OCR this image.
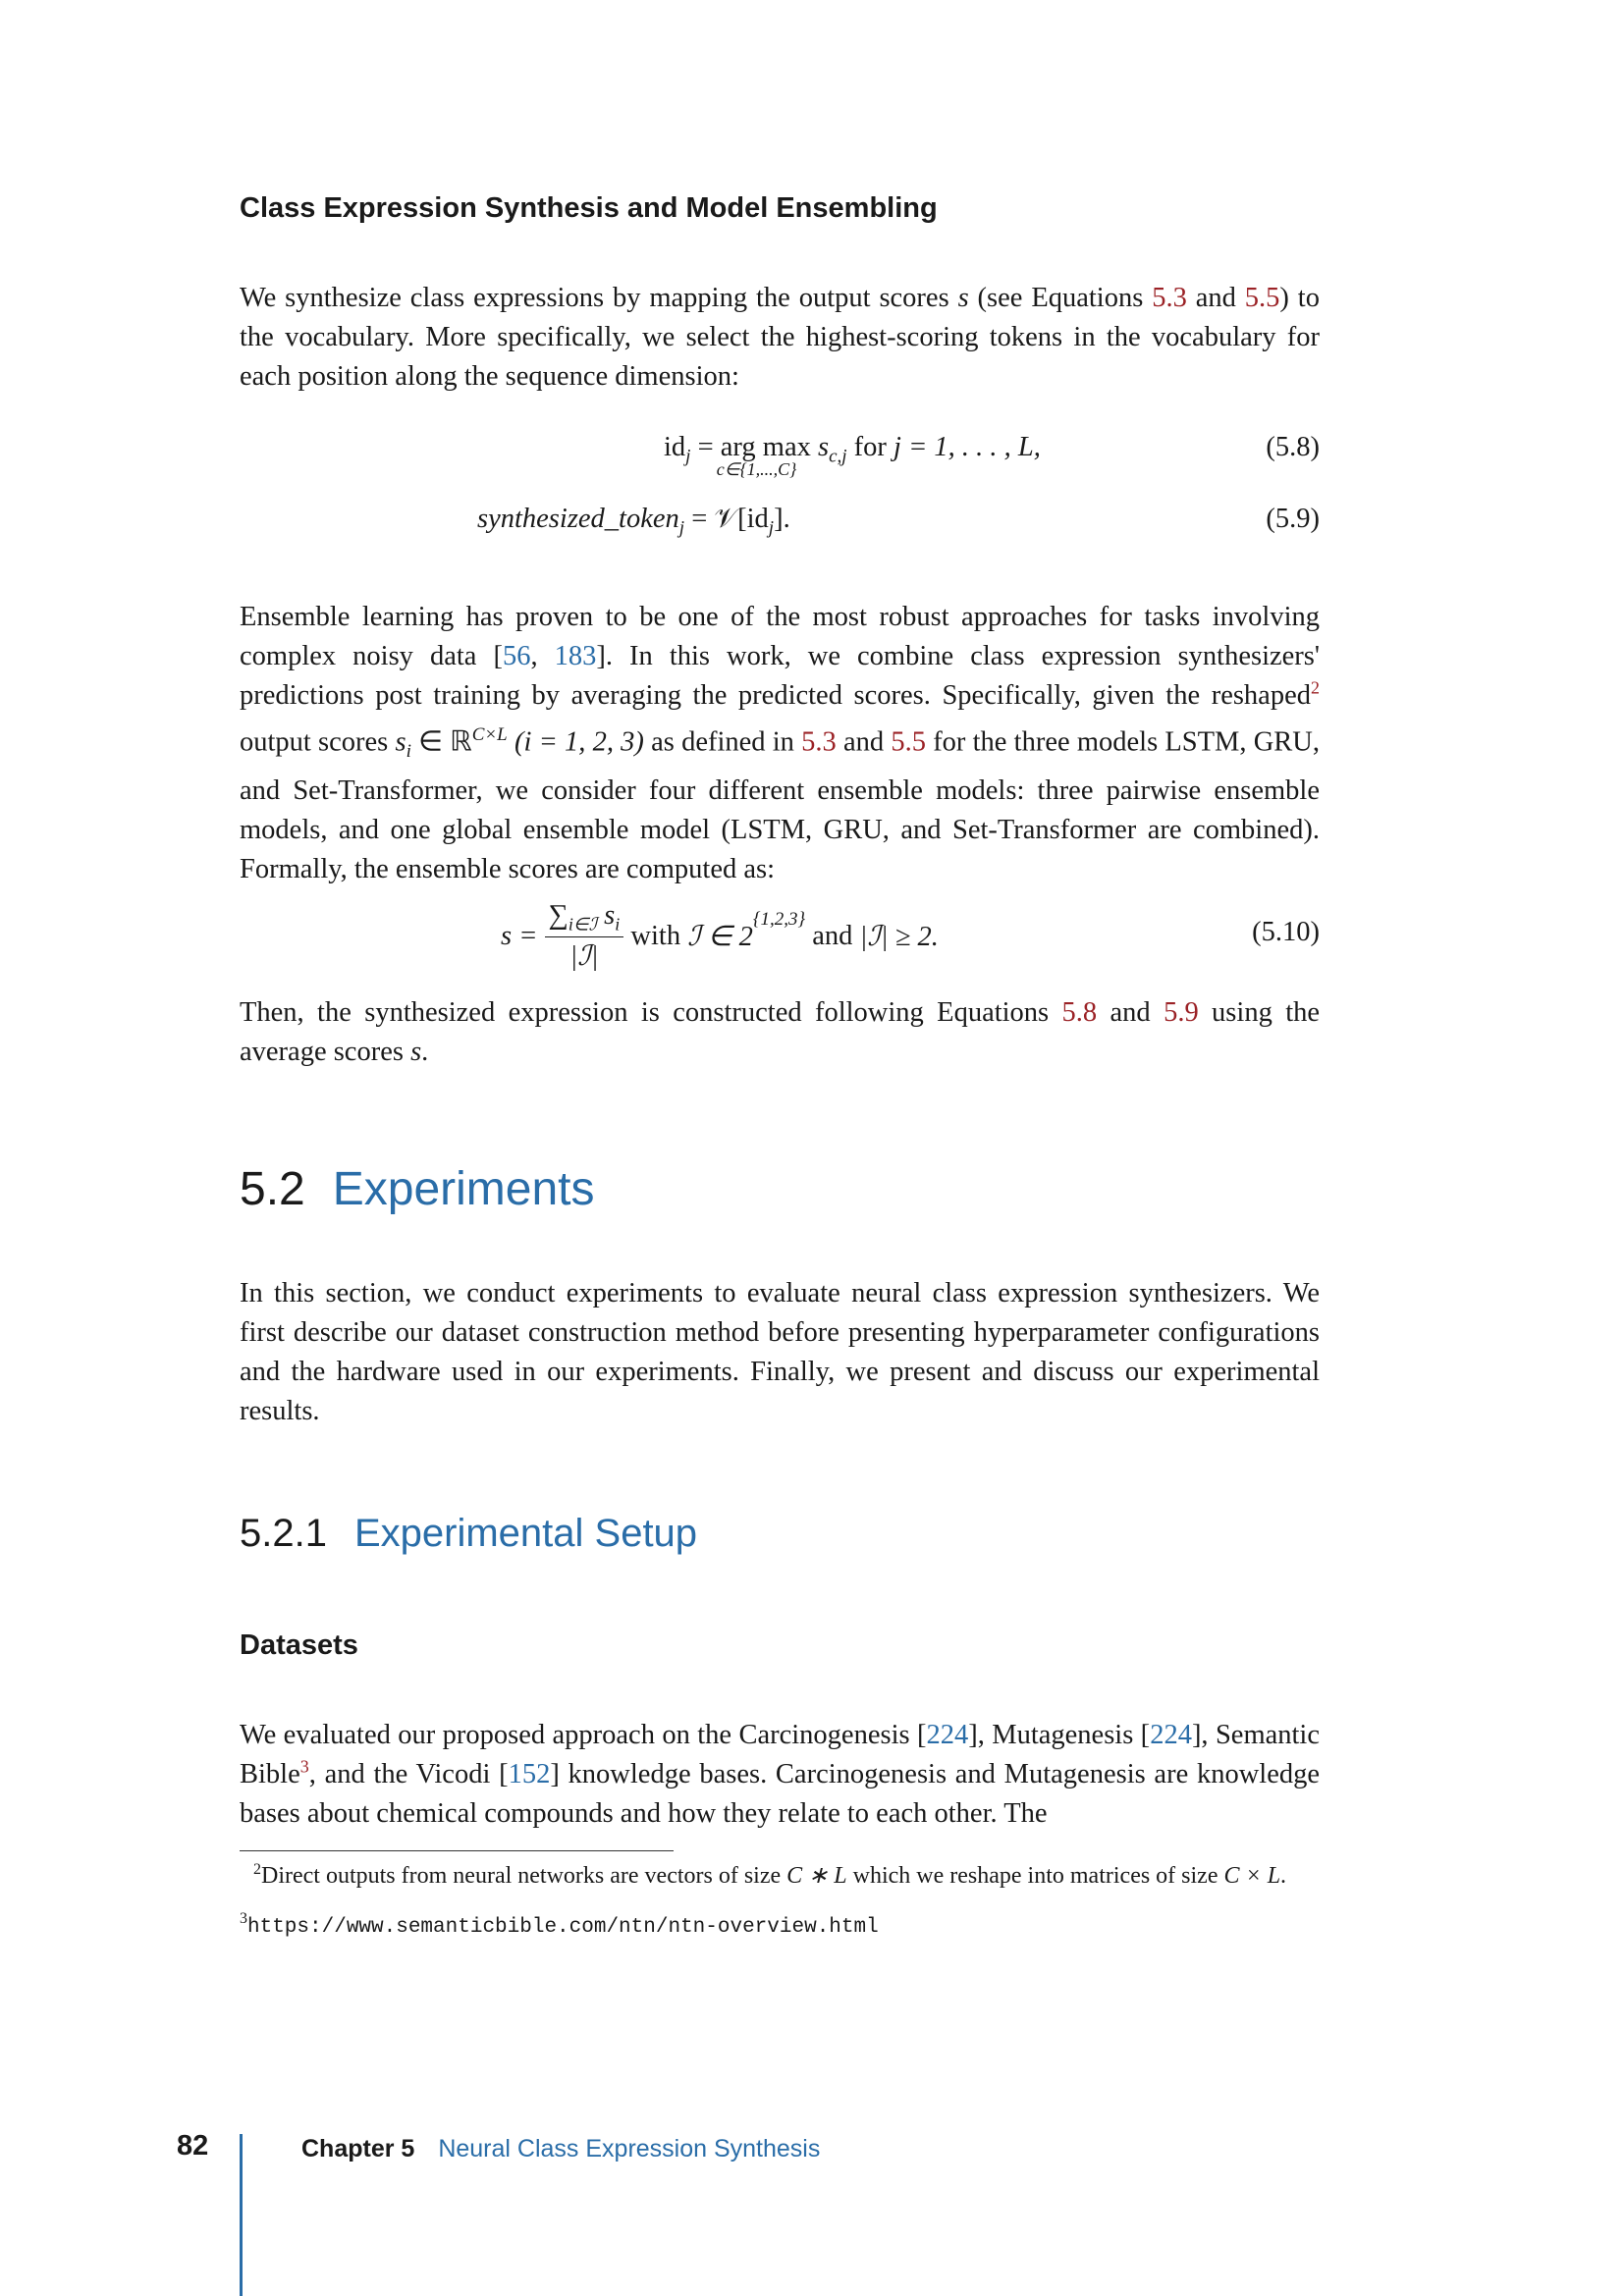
Class Expression Synthesis and Model Ensembling

We synthesize class expressions by mapping the output scores s (see Equations 5.3 and 5.5) to the vocabulary. More specifically, we select the highest-scoring tokens in the vocabulary for each position along the sequence dimension:

$id_j$ = arg max
c∈{1,...,C}
$s_{c,j}$ for j = 1, . . . , L,	(5.8)
synthesized_token$_j$ = $𝒱[id_j]$.	(5.9)

Ensemble learning has proven to be one of the most robust approaches for tasks involving complex noisy data [56, 183]. In this work, we combine class expression synthesizers' predictions post training by averaging the predicted scores. Specifically, given the reshaped$^2$ output scores $s_i$ ∈ ℝ$^{C\times L}$ (i = 1, 2, 3) as defined in 5.3 and 5.5 for the three models LSTM, GRU, and Set-Transformer, we consider four different ensemble models: three pairwise ensemble models, and one global ensemble model (LSTM, GRU, and Set-Transformer are combined). Formally, the ensemble scores are computed as:

$s = \frac{\sum_{i\in ℐ} s_i}{\text{|ℐ|}}$ with ℐ ∈ 2
$^{\{1,2,3\}}$
and |ℐ| ≥ 2.	(5.10)

Then, the synthesized expression is constructed following Equations 5.8 and 5.9 using the average scores s.

5.2 Experiments

In this section, we conduct experiments to evaluate neural class expression synthesizers. We first describe our dataset construction method before presenting hyperparameter configurations and the hardware used in our experiments. Finally, we present and discuss our experimental results.

5.2.1 Experimental Setup
Datasets

We evaluated our proposed approach on the Carcinogenesis [224], Mutagenesis [224], Semantic Bible$^3$, and the Vicodi [152] knowledge bases. Carcinogenesis and Mutagenesis are knowledge bases about chemical compounds and how they relate to each other. The

$^2$Direct outputs from neural networks are vectors of size C ∗ L which we reshape into matrices of size C × L.
$^3$https://www.semanticbible.com/ntn/ntn-overview.html
82	Chapter 5 Neural Class Expression Synthesis
